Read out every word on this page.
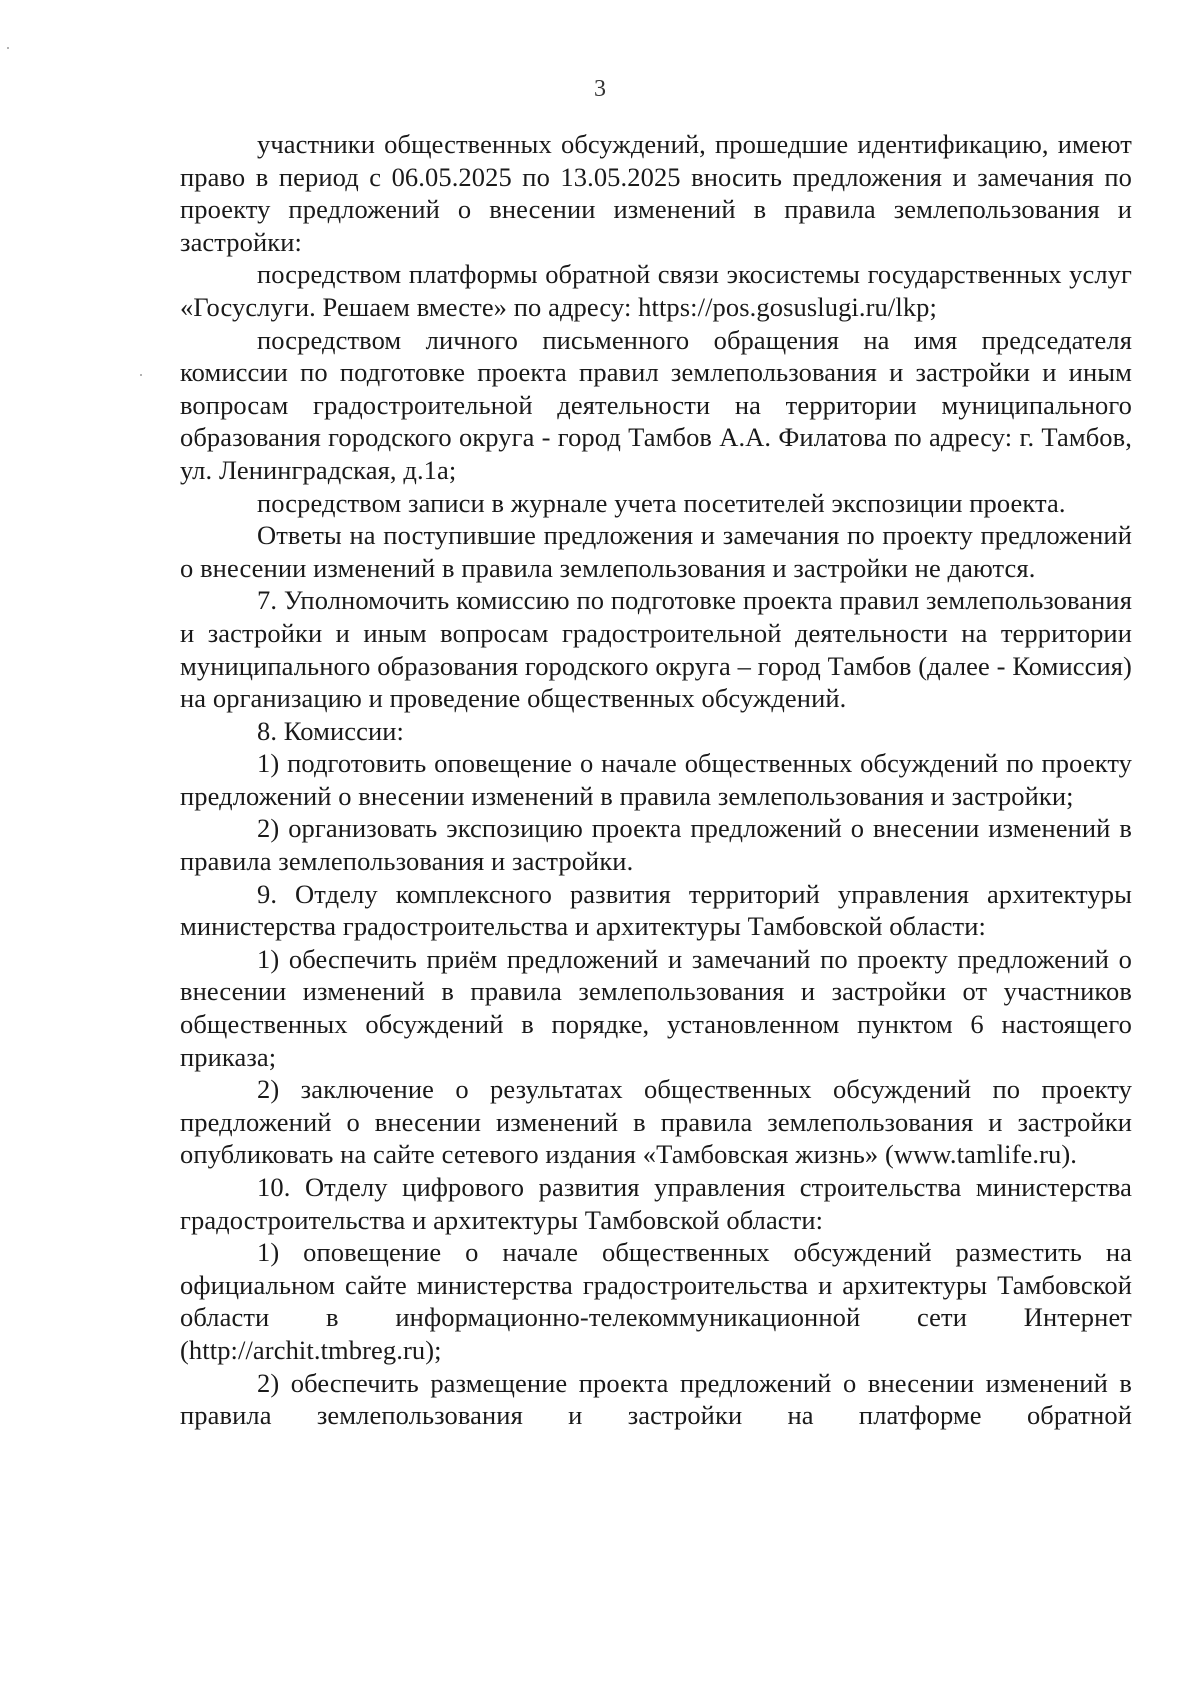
3

участники общественных обсуждений, прошедшие идентификацию, имеют право в период с 06.05.2025 по 13.05.2025 вносить предложения и замечания по проекту предложений о внесении изменений в правила землепользования и застройки:

посредством платформы обратной связи экосистемы государственных услуг «Госуслуги. Решаем вместе» по адресу: https://pos.gosuslugi.ru/lkp;

посредством личного письменного обращения на имя председателя комиссии по подготовке проекта правил землепользования и застройки и иным вопросам градостроительной деятельности на территории муниципального образования городского округа - город Тамбов А.А. Филатова по адресу: г. Тамбов, ул. Ленинградская, д.1а;

посредством записи в журнале учета посетителей экспозиции проекта.

Ответы на поступившие предложения и замечания по проекту предложений о внесении изменений в правила землепользования и застройки не даются.

7. Уполномочить комиссию по подготовке проекта правил землепользования и застройки и иным вопросам градостроительной деятельности на территории муниципального образования городского округа – город Тамбов (далее - Комиссия) на организацию и проведение общественных обсуждений.

8. Комиссии:

1) подготовить оповещение о начале общественных обсуждений по проекту предложений о внесении изменений в правила землепользования и застройки;

2) организовать экспозицию проекта предложений о внесении изменений в правила землепользования и застройки.

9. Отделу комплексного развития территорий управления архитектуры министерства градостроительства и архитектуры Тамбовской области:

1) обеспечить приём предложений и замечаний по проекту предложений о внесении изменений в правила землепользования и застройки от участников общественных обсуждений в порядке, установленном пунктом 6 настоящего приказа;

2) заключение о результатах общественных обсуждений по проекту предложений о внесении изменений в правила землепользования и застройки опубликовать на сайте сетевого издания «Тамбовская жизнь» (www.tamlife.ru).

10. Отделу цифрового развития управления строительства министерства градостроительства и архитектуры Тамбовской области:

1) оповещение о начале общественных обсуждений разместить на официальном сайте министерства градостроительства и архитектуры Тамбовской области в информационно-телекоммуникационной сети Интернет (http://archit.tmbreg.ru);

2) обеспечить размещение проекта предложений о внесении изменений в правила землепользования и застройки на платформе обратной
